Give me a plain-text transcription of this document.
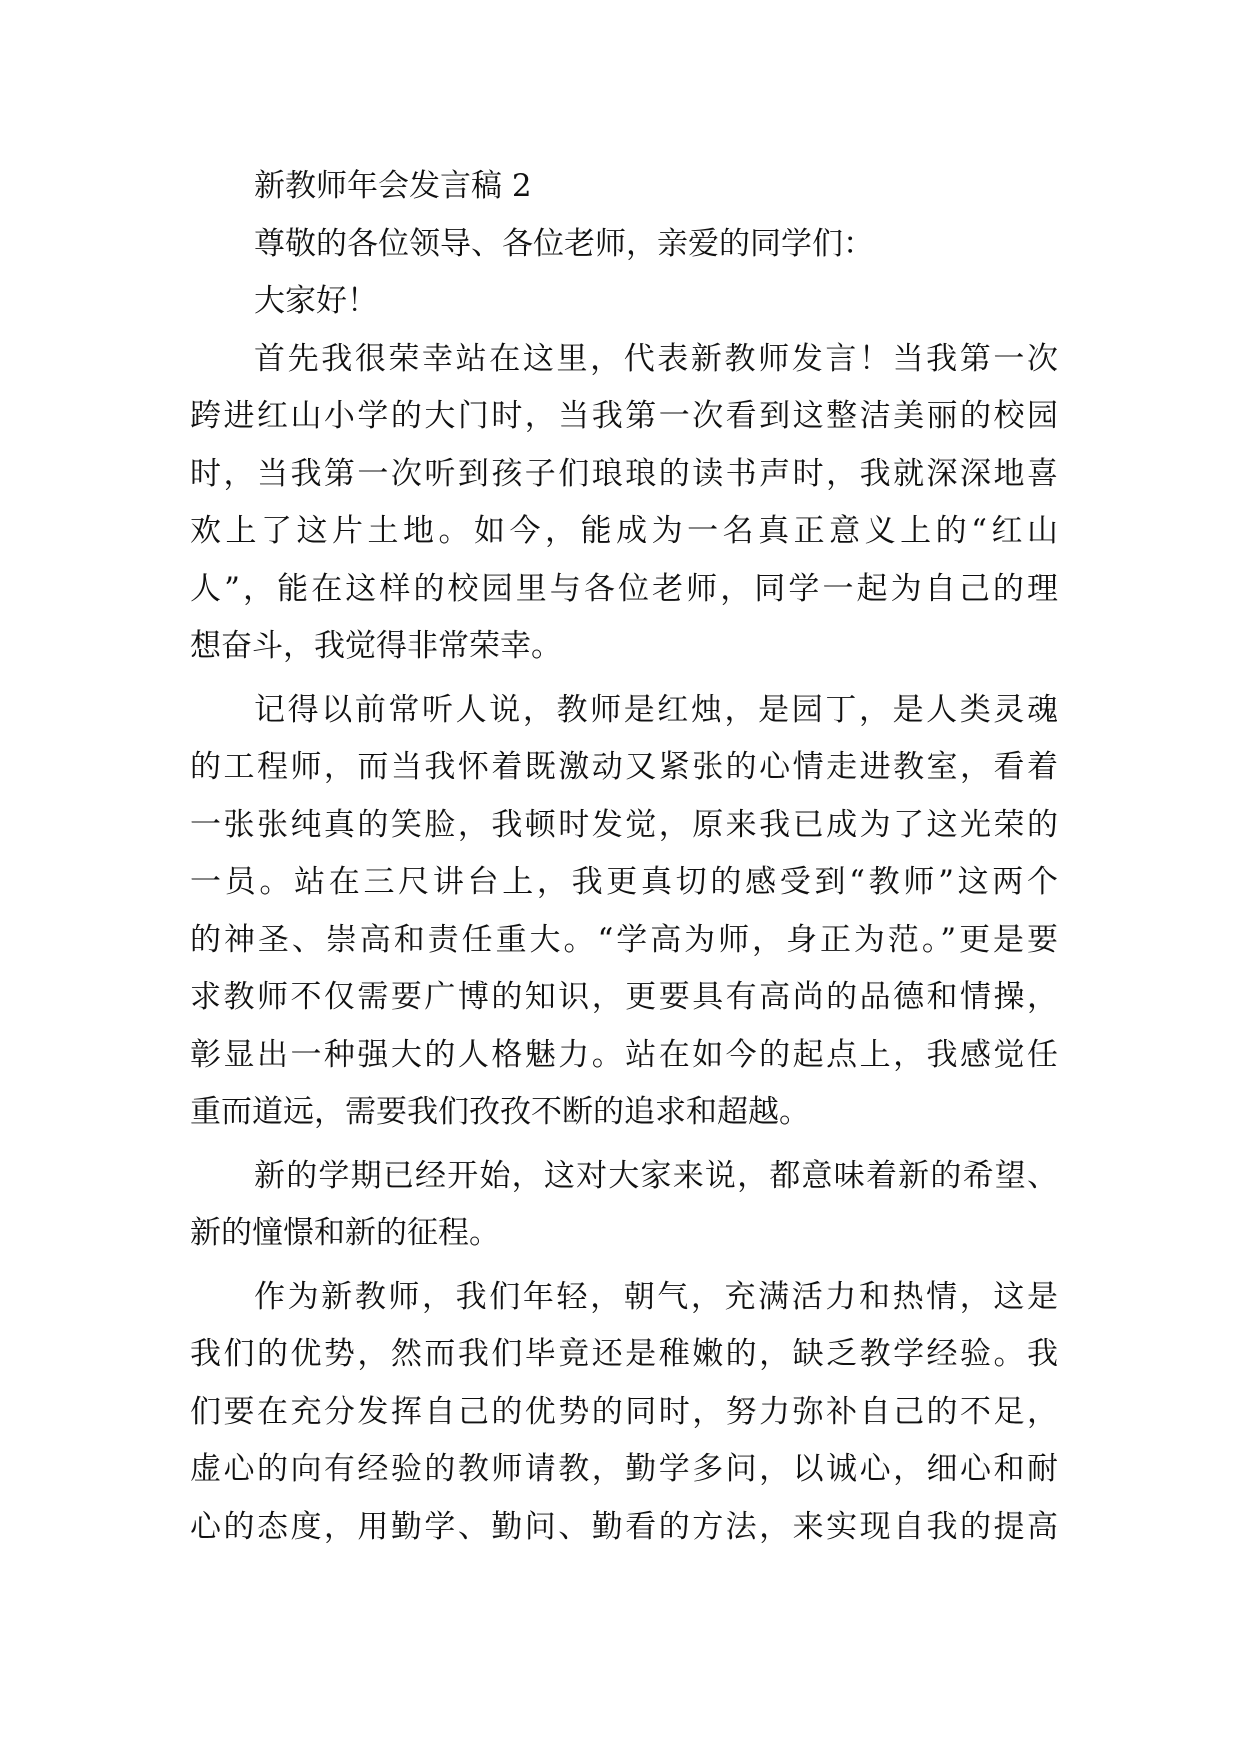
新教师年会发言稿 2
尊敬的各位领导、各位老师，亲爱的同学们：
大家好！
首先我很荣幸站在这里，代表新教师发言！当我第一次
跨进红山小学的大门时，当我第一次看到这整洁美丽的校园
时，当我第一次听到孩子们琅琅的读书声时，我就深深地喜
欢上了这片土地。如今，能成为一名真正意义上的“红山
人”，能在这样的校园里与各位老师，同学一起为自己的理
想奋斗，我觉得非常荣幸。
记得以前常听人说，教师是红烛，是园丁，是人类灵魂
的工程师，而当我怀着既激动又紧张的心情走进教室，看着
一张张纯真的笑脸，我顿时发觉，原来我已成为了这光荣的
一员。站在三尺讲台上，我更真切的感受到“教师”这两个
的神圣、崇高和责任重大。“学高为师，身正为范。”更是要
求教师不仅需要广博的知识，更要具有高尚的品德和情操，
彰显出一种强大的人格魅力。站在如今的起点上，我感觉任
重而道远，需要我们孜孜不断的追求和超越。
新的学期已经开始，这对大家来说，都意味着新的希望、
新的憧憬和新的征程。
作为新教师，我们年轻，朝气，充满活力和热情，这是
我们的优势，然而我们毕竟还是稚嫩的，缺乏教学经验。我
们要在充分发挥自己的优势的同时，努力弥补自己的不足，
虚心的向有经验的教师请教，勤学多问，以诚心，细心和耐
心的态度，用勤学、勤问、勤看的方法，来实现自我的提高
